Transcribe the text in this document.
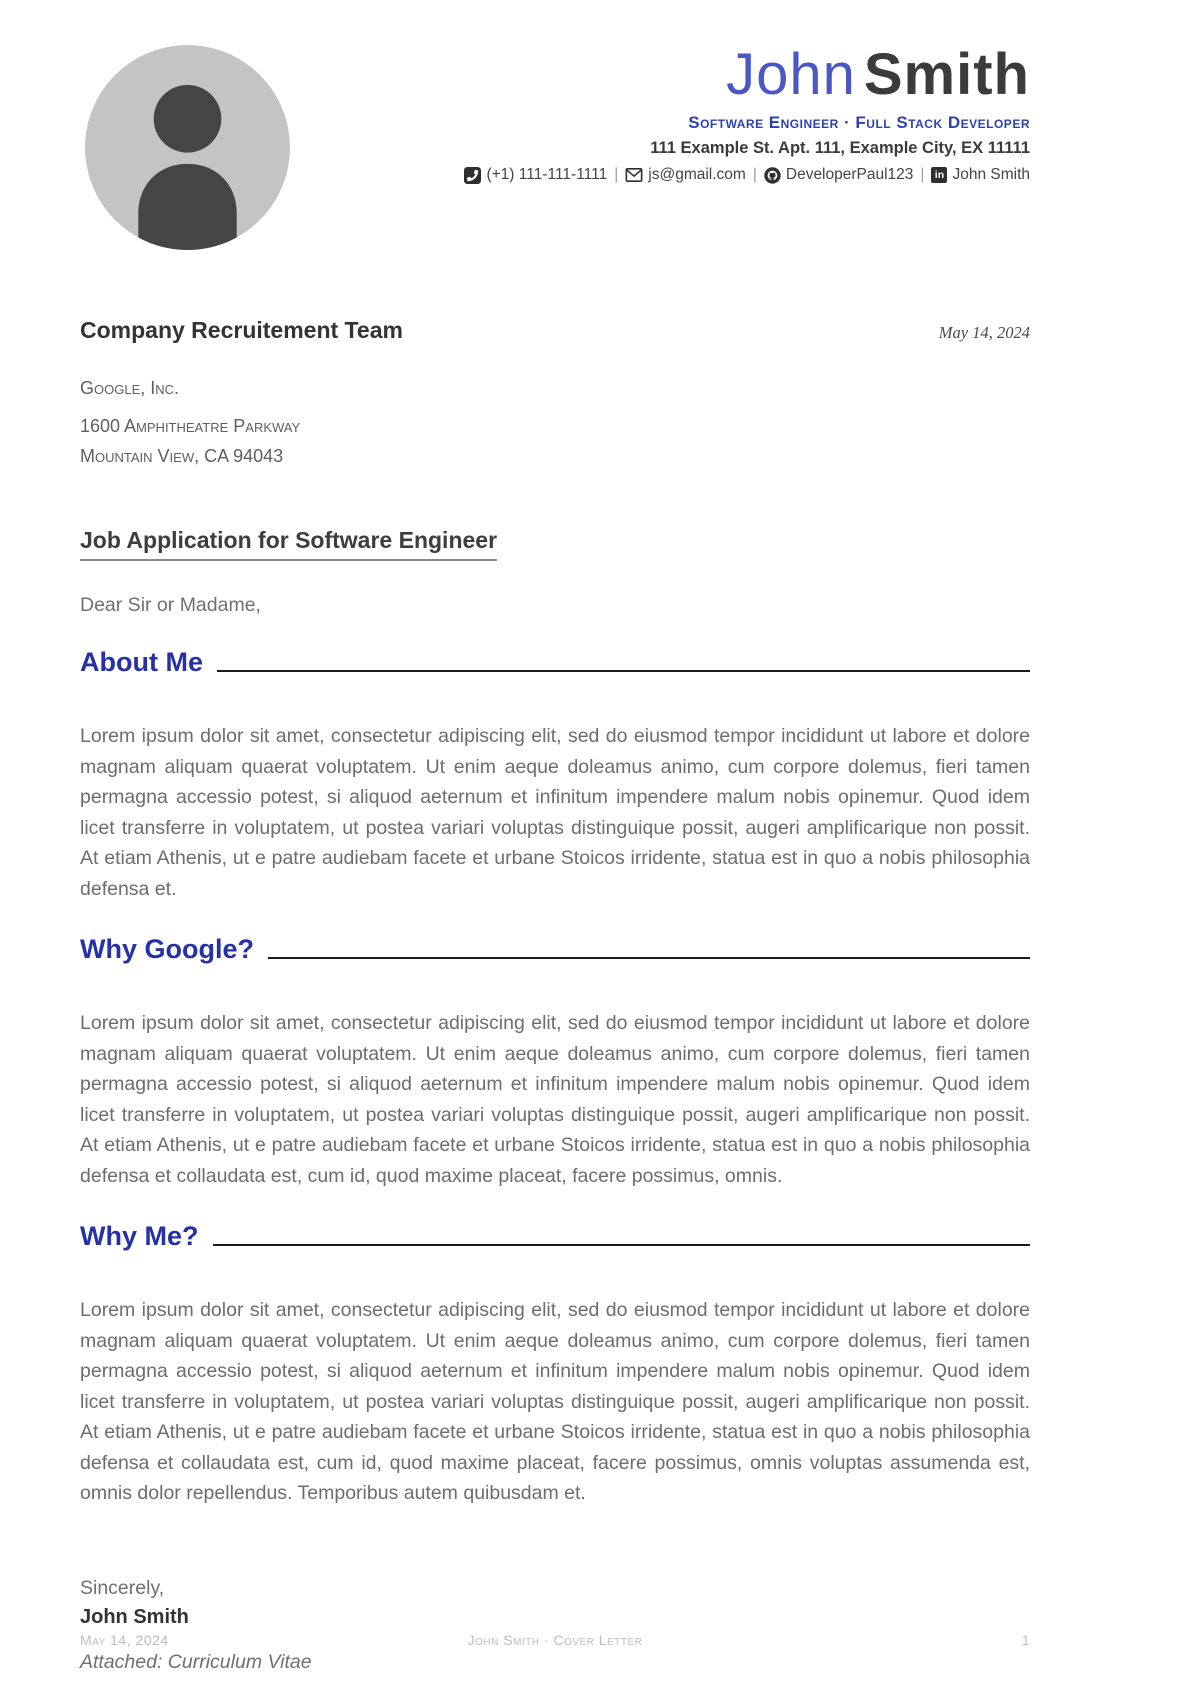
John Smith
Software Engineer · Full Stack Developer
111 Example St. Apt. 111, Example City, EX 11111
(+1) 111-111-1111 | js@gmail.com | DeveloperPaul123 | in John Smith
Company Recruitement Team	May 14, 2024
Google, Inc.
1600 Amphitheatre Parkway
Mountain View, CA 94043
Job Application for Software Engineer
Dear Sir or Madame,
About Me

Lorem ipsum dolor sit amet, consectetur adipiscing elit, sed do eiusmod tempor incididunt ut labore et dolore magnam aliquam quaerat voluptatem. Ut enim aeque doleamus animo, cum corpore dolemus, fieri tamen permagna accessio potest, si aliquod aeternum et infinitum impendere malum nobis opinemur. Quod idem licet transferre in voluptatem, ut postea variari voluptas distinguique possit, augeri amplificarique non possit. At etiam Athenis, ut e patre audiebam facete et urbane Stoicos irridente, statua est in quo a nobis philosophia defensa et.

Why Google?

Lorem ipsum dolor sit amet, consectetur adipiscing elit, sed do eiusmod tempor incididunt ut labore et dolore magnam aliquam quaerat voluptatem. Ut enim aeque doleamus animo, cum corpore dolemus, fieri tamen permagna accessio potest, si aliquod aeternum et infinitum impendere malum nobis opinemur. Quod idem licet transferre in voluptatem, ut postea variari voluptas distinguique possit, augeri amplificarique non possit. At etiam Athenis, ut e patre audiebam facete et urbane Stoicos irridente, statua est in quo a nobis philosophia defensa et collaudata est, cum id, quod maxime placeat, facere possimus, omnis.

Why Me?

Lorem ipsum dolor sit amet, consectetur adipiscing elit, sed do eiusmod tempor incididunt ut labore et dolore magnam aliquam quaerat voluptatem. Ut enim aeque doleamus animo, cum corpore dolemus, fieri tamen permagna accessio potest, si aliquod aeternum et infinitum impendere malum nobis opinemur. Quod idem licet transferre in voluptatem, ut postea variari voluptas distinguique possit, augeri amplificarique non possit. At etiam Athenis, ut e patre audiebam facete et urbane Stoicos irridente, statua est in quo a nobis philosophia defensa et collaudata est, cum id, quod maxime placeat, facere possimus, omnis voluptas assumenda est, omnis dolor repellendus. Temporibus autem quibusdam et.

Sincerely,
John Smith
Attached: Curriculum Vitae
John Smith · Cover Letter
May 14, 2024	1
